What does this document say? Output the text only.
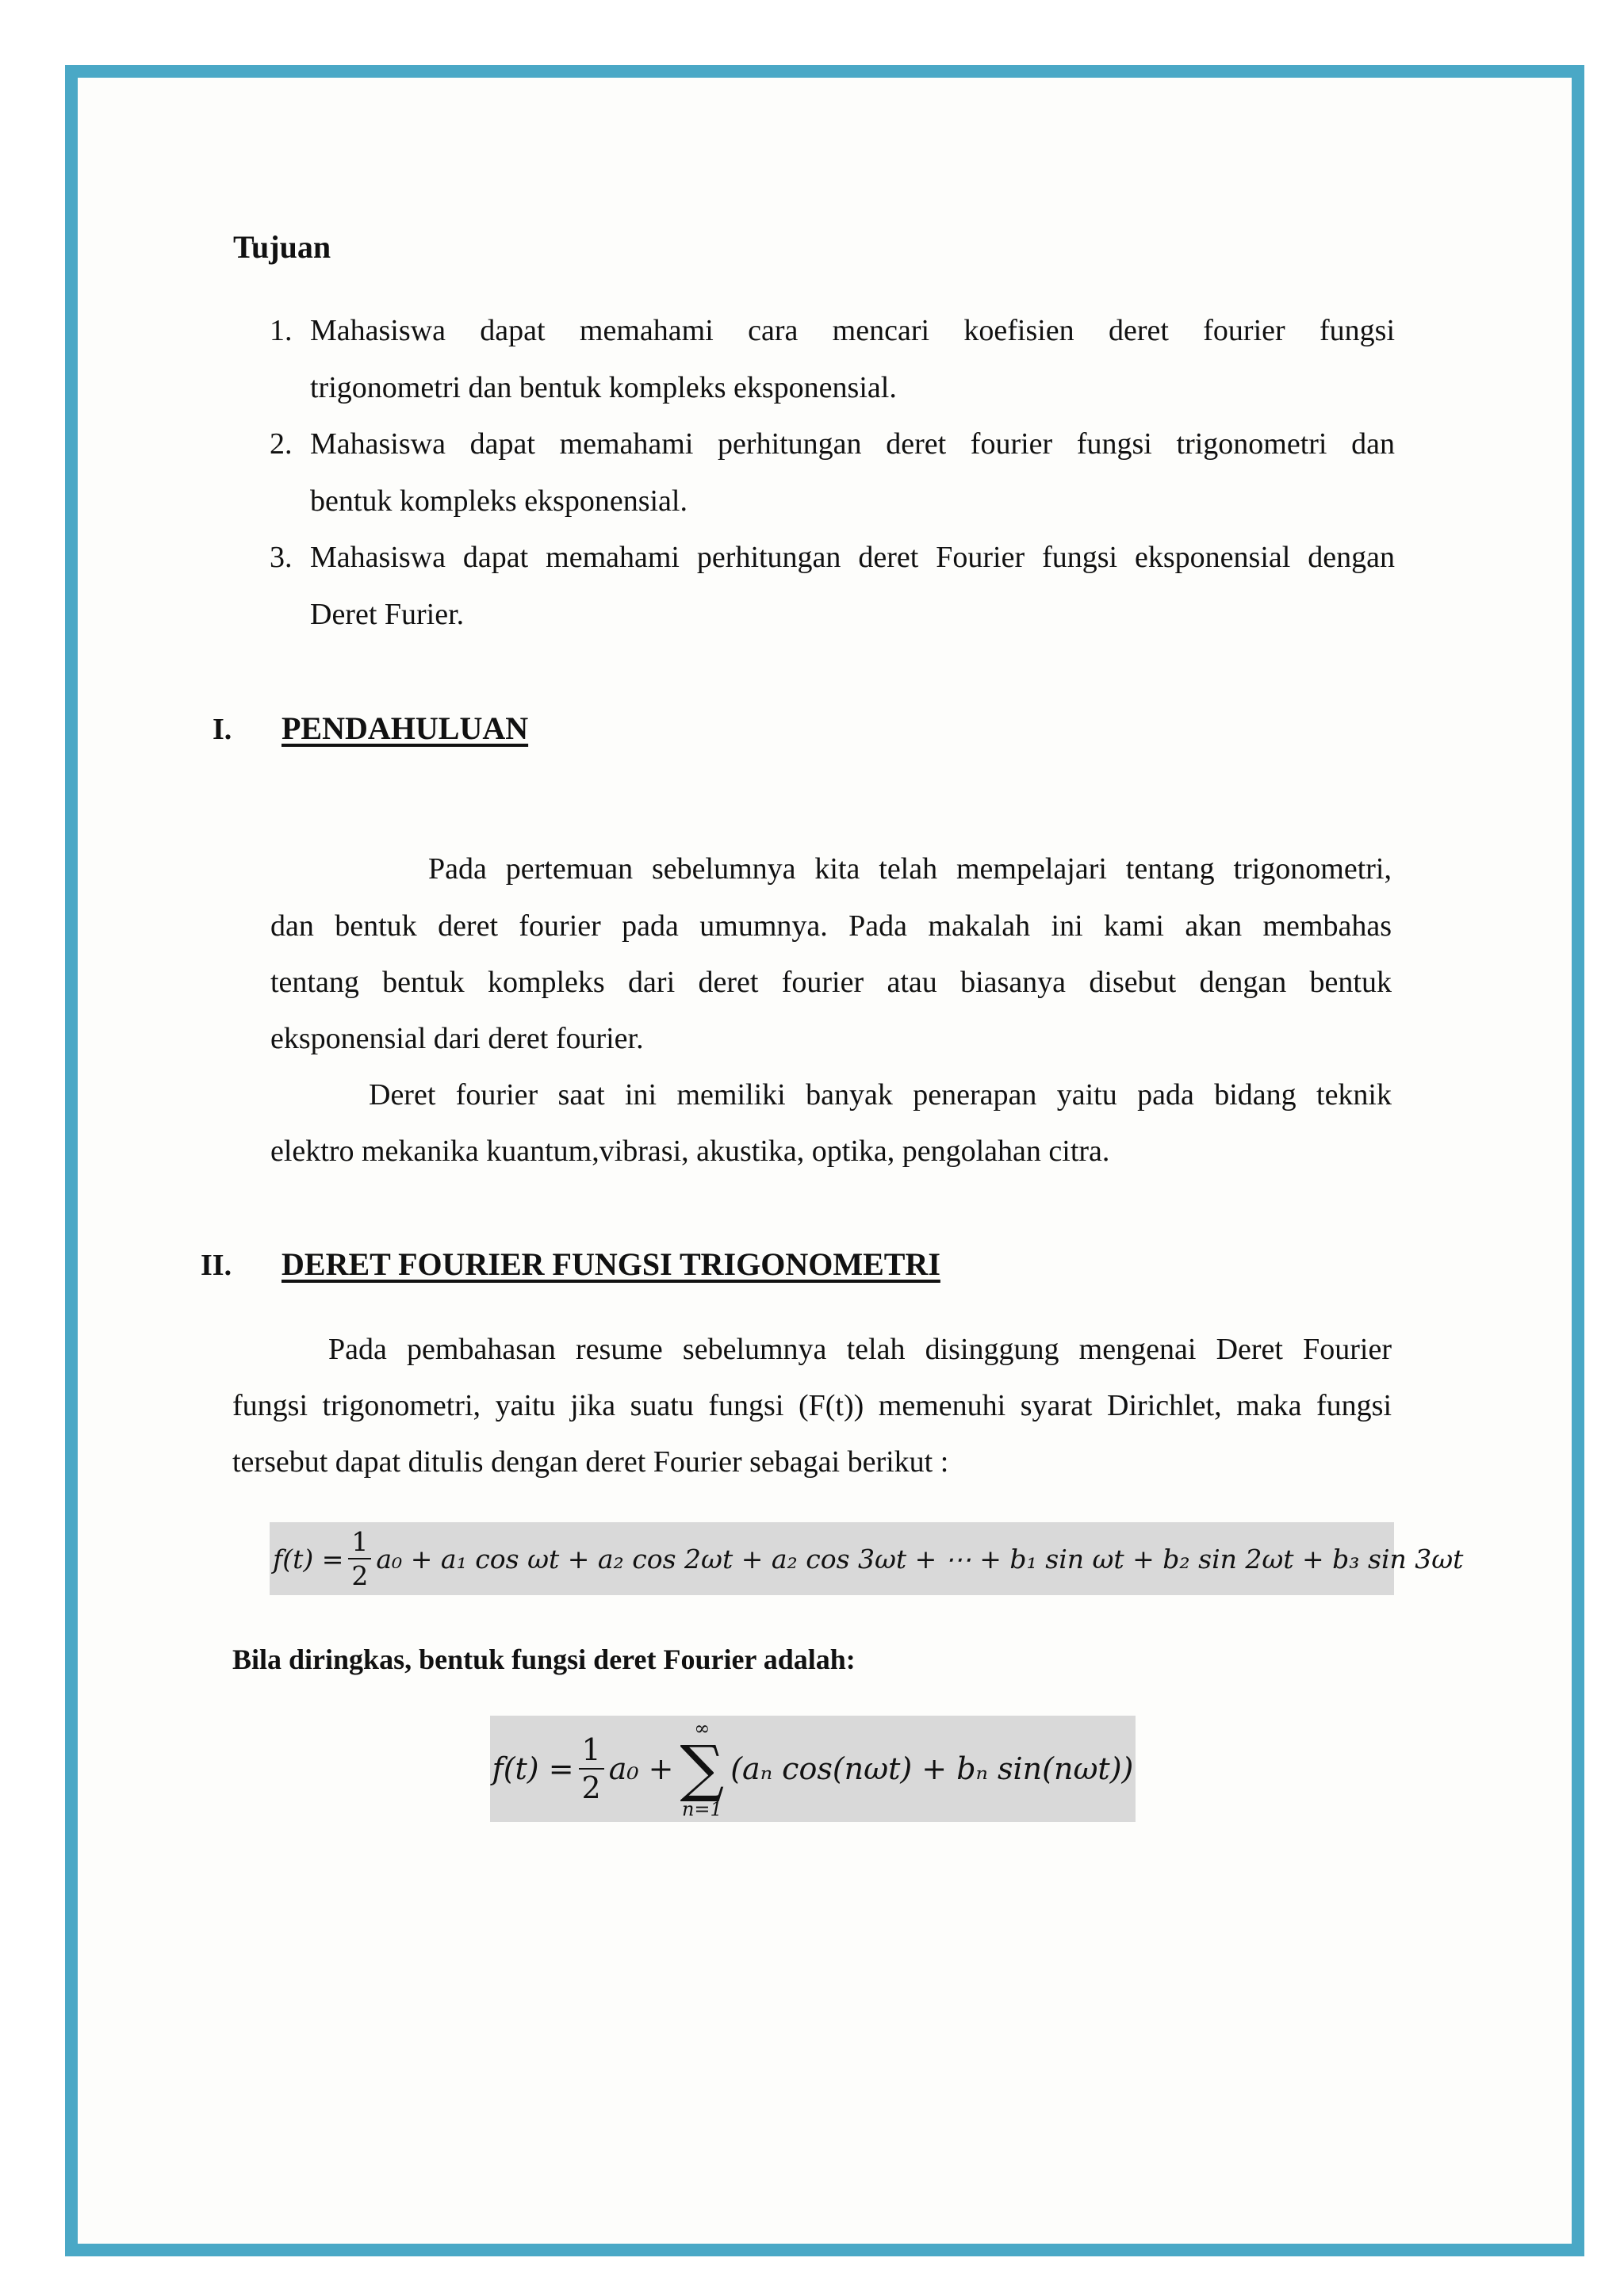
Tujuan
1. Mahasiswa dapat memahami cara mencari koefisien deret fourier fungsi
trigonometri dan bentuk kompleks eksponensial.
2. Mahasiswa dapat memahami perhitungan deret fourier fungsi trigonometri dan
bentuk kompleks eksponensial.
3. Mahasiswa dapat memahami perhitungan deret Fourier fungsi eksponensial dengan
Deret Furier.
I. PENDAHULUAN
Pada pertemuan sebelumnya kita telah mempelajari tentang trigonometri,
dan bentuk deret fourier pada umumnya. Pada makalah ini kami akan membahas
tentang bentuk kompleks dari deret fourier atau biasanya disebut dengan bentuk
eksponensial dari deret fourier.
Deret fourier saat ini memiliki banyak penerapan yaitu pada bidang teknik
elektro mekanika kuantum,vibrasi, akustika, optika, pengolahan citra.
II. DERET FOURIER FUNGSI TRIGONOMETRI
Pada pembahasan resume sebelumnya telah disinggung mengenai Deret Fourier
fungsi trigonometri, yaitu jika suatu fungsi (F(t)) memenuhi syarat Dirichlet, maka fungsi
tersebut dapat ditulis dengan deret Fourier sebagai berikut :
$f(t) = \frac{1}{2} a_0 + a_1$ cos ωt + a₂ cos 2ωt + a₂ cos 3ωt + ⋯ + b₁ sin ωt + b₂ sin 2ωt + b₃ sin 3ωt
Bila diringkas, bentuk fungsi deret Fourier adalah:
$f(t) = \frac{1}{2} a_0$ +
∞
∑
n=1
(aₙ cos(nωt) + bₙ sin(nωt))
